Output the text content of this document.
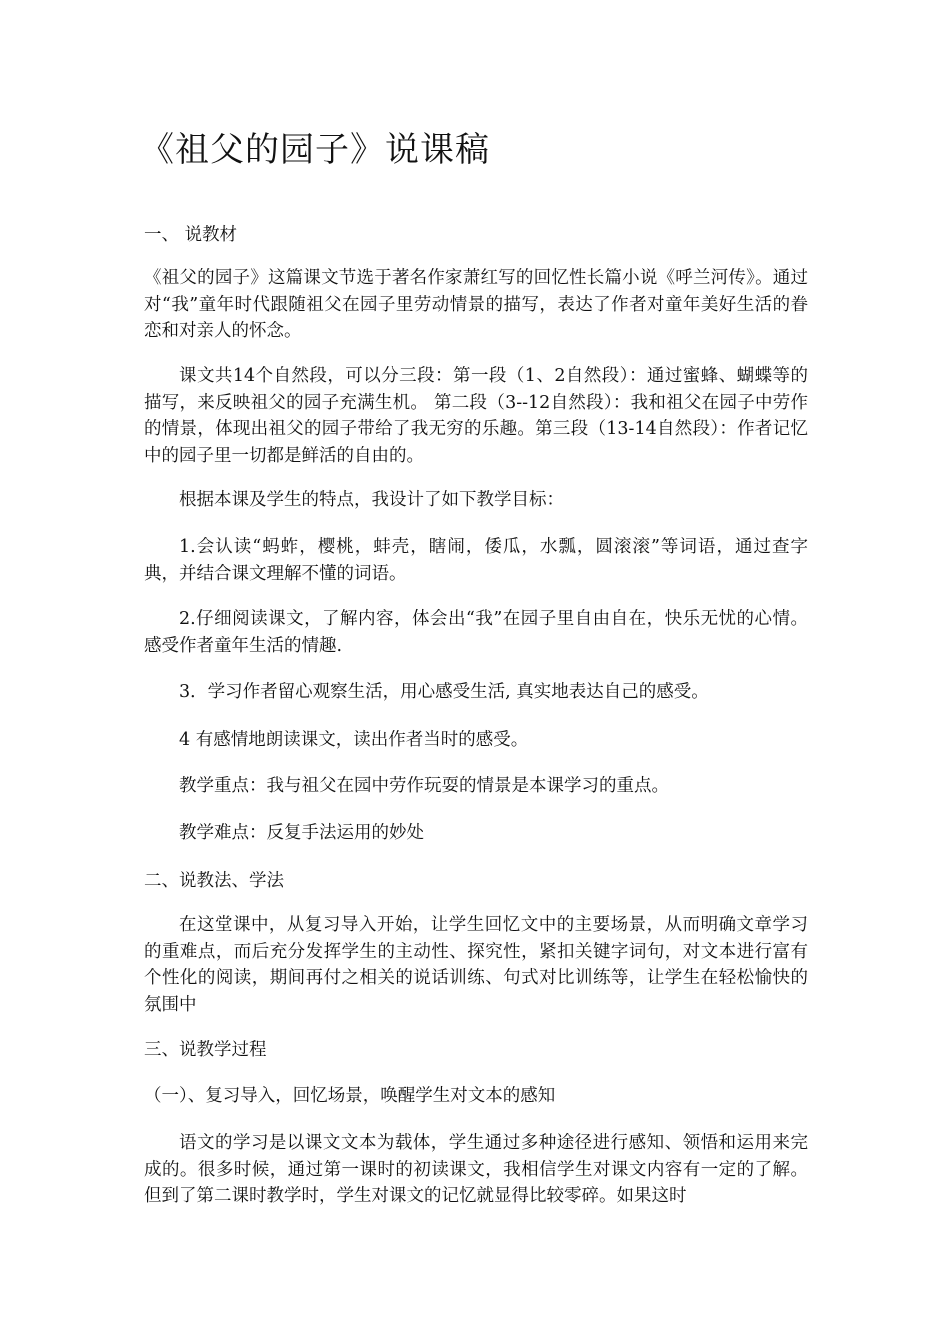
《祖父的园子》说课稿

一、 说教材

《祖父的园子》这篇课文节选于著名作家萧红写的回忆性长篇小说《呼兰河传》。通过对“我”童年时代跟随祖父在园子里劳动情景的描写，表达了作者对童年美好生活的眷恋和对亲人的怀念。

课文共14个自然段，可以分三段：第一段（1、2自然段）：通过蜜蜂、蝴蝶等的描写，来反映祖父的园子充满生机。 第二段（3--12自然段）：我和祖父在园子中劳作的情景，体现出祖父的园子带给了我无穷的乐趣。第三段（13-14自然段）：作者记忆中的园子里一切都是鲜活的自由的。

根据本课及学生的特点，我设计了如下教学目标：

1.会认读“蚂蚱，樱桃，蚌壳，瞎闹，倭瓜，水瓢，圆滚滚”等词语，通过查字典，并结合课文理解不懂的词语。

2.仔细阅读课文，了解内容，体会出“我”在园子里自由自在，快乐无忧的心情。感受作者童年生活的情趣.

3．学习作者留心观察生活，用心感受生活, 真实地表达自己的感受。

4 有感情地朗读课文，读出作者当时的感受。

教学重点：我与祖父在园中劳作玩耍的情景是本课学习的重点。

教学难点：反复手法运用的妙处

二、说教法、学法

在这堂课中，从复习导入开始，让学生回忆文中的主要场景，从而明确文章学习的重难点，而后充分发挥学生的主动性、探究性，紧扣关键字词句，对文本进行富有个性化的阅读，期间再付之相关的说话训练、句式对比训练等，让学生在轻松愉快的氛围中

三、说教学过程

（一）、复习导入，回忆场景，唤醒学生对文本的感知

语文的学习是以课文文本为载体，学生通过多种途径进行感知、领悟和运用来完成的。很多时候，通过第一课时的初读课文，我相信学生对课文内容有一定的了解。但到了第二课时教学时，学生对课文的记忆就显得比较零碎。如果这时
